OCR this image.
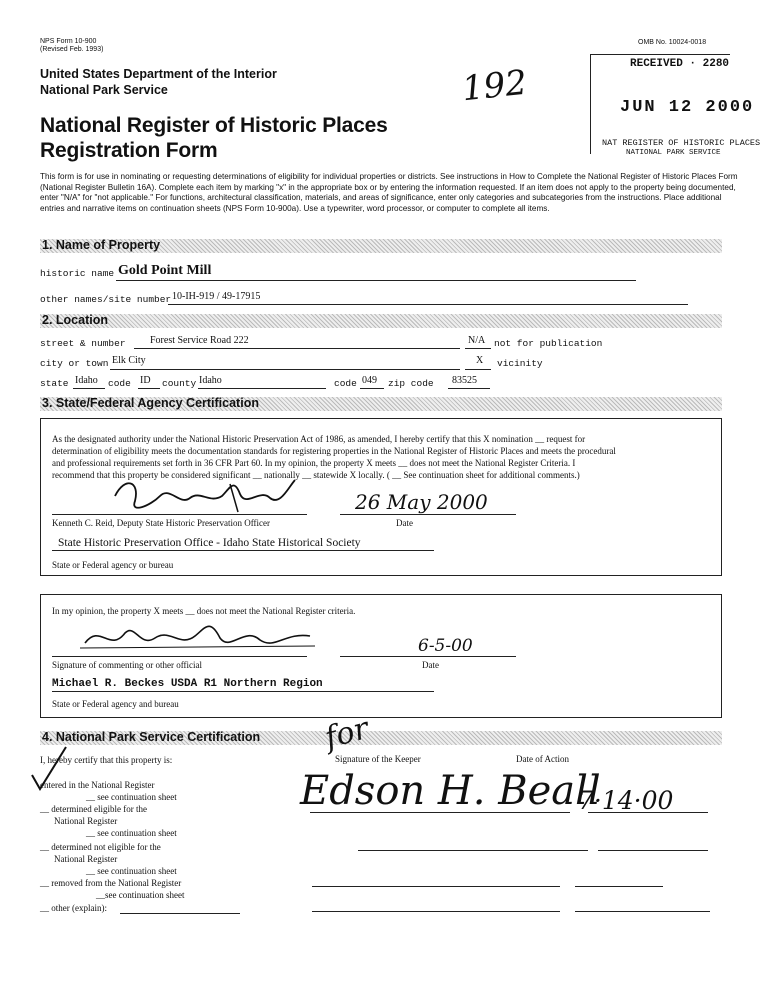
NPS Form 10-900
(Revised Feb. 1993)
OMB No. 10024-0018
United States Department of the Interior
National Park Service
National Register of Historic Places
Registration Form
192	RECEIVED · 2280
JUN 12 2000
NAT REGISTER OF HISTORIC PLACES
NATIONAL PARK SERVICE
This form is for use in nominating or requesting determinations of eligibility for individual properties or districts. See instructions in How to Complete the National Register of Historic Places Form (National Register Bulletin 16A). Complete each item by marking "x" in the appropriate box or by entering the information requested. If an item does not apply to the property being documented, enter "N/A" for "not applicable." For functions, architectural classification, materials, and areas of significance, enter only categories and subcategories from the instructions. Place additional entries and narrative items on continuation sheets (NPS Form 10-900a). Use a typewriter, word processor, or computer to complete all items.
1. Name of Property
historic name Gold Point Mill
other names/site number 10-IH-919 / 49-17915
2. Location
street & number Forest Service Road 222	N/A not for publication
city or town Elk City	X vicinity
state Idaho code ID county Idaho	code 049 zip code 83525
3. State/Federal Agency Certification
As the designated authority under the National Historic Preservation Act of 1986, as amended, I hereby certify that this X nomination __ request for
determination of eligibility meets the documentation standards for registering properties in the National Register of Historic Places and meets the procedural
and professional requirements set forth in 36 CFR Part 60. In my opinion, the property X meets __ does not meet the National Register Criteria. I
recommend that this property be considered significant __ nationally __ statewide X locally. ( __ See continuation sheet for additional comments.)
26 May 2000
Kenneth C. Reid, Deputy State Historic Preservation Officer	Date
State Historic Preservation Office - Idaho State Historical Society
State or Federal agency or bureau
In my opinion, the property X meets __ does not meet the National Register criteria.
6-5-00
Signature of commenting or other official	Date
Michael R. Beckes USDA R1 Northern Region
State or Federal agency and bureau
4. National Park Service Certification for
I, hereby certify that this property is:	Signature of the Keeper	Date of Action
Edson H. Beall
7·14·00
entered in the National Register
__ see continuation sheet
__ determined eligible for the
National Register
__ see continuation sheet
__ determined not eligible for the
National Register
__ see continuation sheet
__ removed from the National Register
__see continuation sheet
__ other (explain):
